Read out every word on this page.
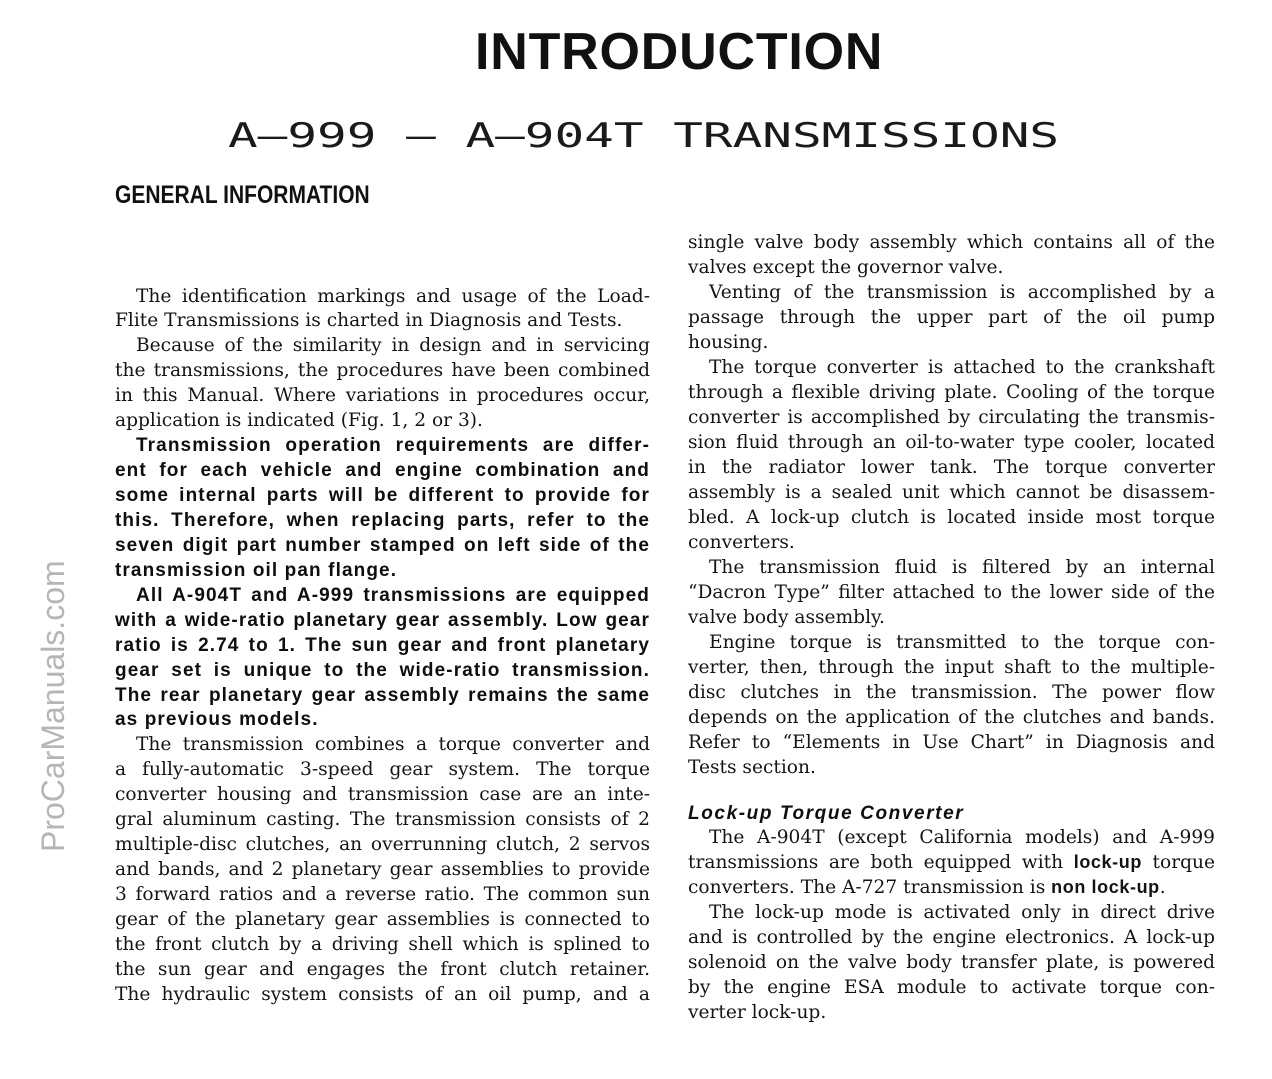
INTRODUCTION
A–999 – A–904T TRANSMISSIONS
GENERAL INFORMATION
ProCarManuals.com
The identification markings and usage of the Load-
Flite Transmissions is charted in Diagnosis and Tests.
Because of the similarity in design and in servicing
the transmissions, the procedures have been combined
in this Manual. Where variations in procedures occur,
application is indicated (Fig. 1, 2 or 3).
Transmission operation requirements are differ-
ent for each vehicle and engine combination and
some internal parts will be different to provide for
this. Therefore, when replacing parts, refer to the
seven digit part number stamped on left side of the
transmission oil pan flange.
All A-904T and A-999 transmissions are equipped
with a wide-ratio planetary gear assembly. Low gear
ratio is 2.74 to 1. The sun gear and front planetary
gear set is unique to the wide-ratio transmission.
The rear planetary gear assembly remains the same
as previous models.
The transmission combines a torque converter and
a fully-automatic 3-speed gear system. The torque
converter housing and transmission case are an inte-
gral aluminum casting. The transmission consists of 2
multiple-disc clutches, an overrunning clutch, 2 servos
and bands, and 2 planetary gear assemblies to provide
3 forward ratios and a reverse ratio. The common sun
gear of the planetary gear assemblies is connected to
the front clutch by a driving shell which is splined to
the sun gear and engages the front clutch retainer.
The hydraulic system consists of an oil pump, and a
single valve body assembly which contains all of the
valves except the governor valve.
Venting of the transmission is accomplished by a
passage through the upper part of the oil pump
housing.
The torque converter is attached to the crankshaft
through a flexible driving plate. Cooling of the torque
converter is accomplished by circulating the transmis-
sion fluid through an oil-to-water type cooler, located
in the radiator lower tank. The torque converter
assembly is a sealed unit which cannot be disassem-
bled. A lock-up clutch is located inside most torque
converters.
The transmission fluid is filtered by an internal
“Dacron Type” filter attached to the lower side of the
valve body assembly.
Engine torque is transmitted to the torque con-
verter, then, through the input shaft to the multiple-
disc clutches in the transmission. The power flow
depends on the application of the clutches and bands.
Refer to “Elements in Use Chart” in Diagnosis and
Tests section.
Lock-up Torque Converter
The A-904T (except California models) and A-999
transmissions are both equipped with lock-up torque
converters. The A-727 transmission is non lock-up.
The lock-up mode is activated only in direct drive
and is controlled by the engine electronics. A lock-up
solenoid on the valve body transfer plate, is powered
by the engine ESA module to activate torque con-
verter lock-up.
